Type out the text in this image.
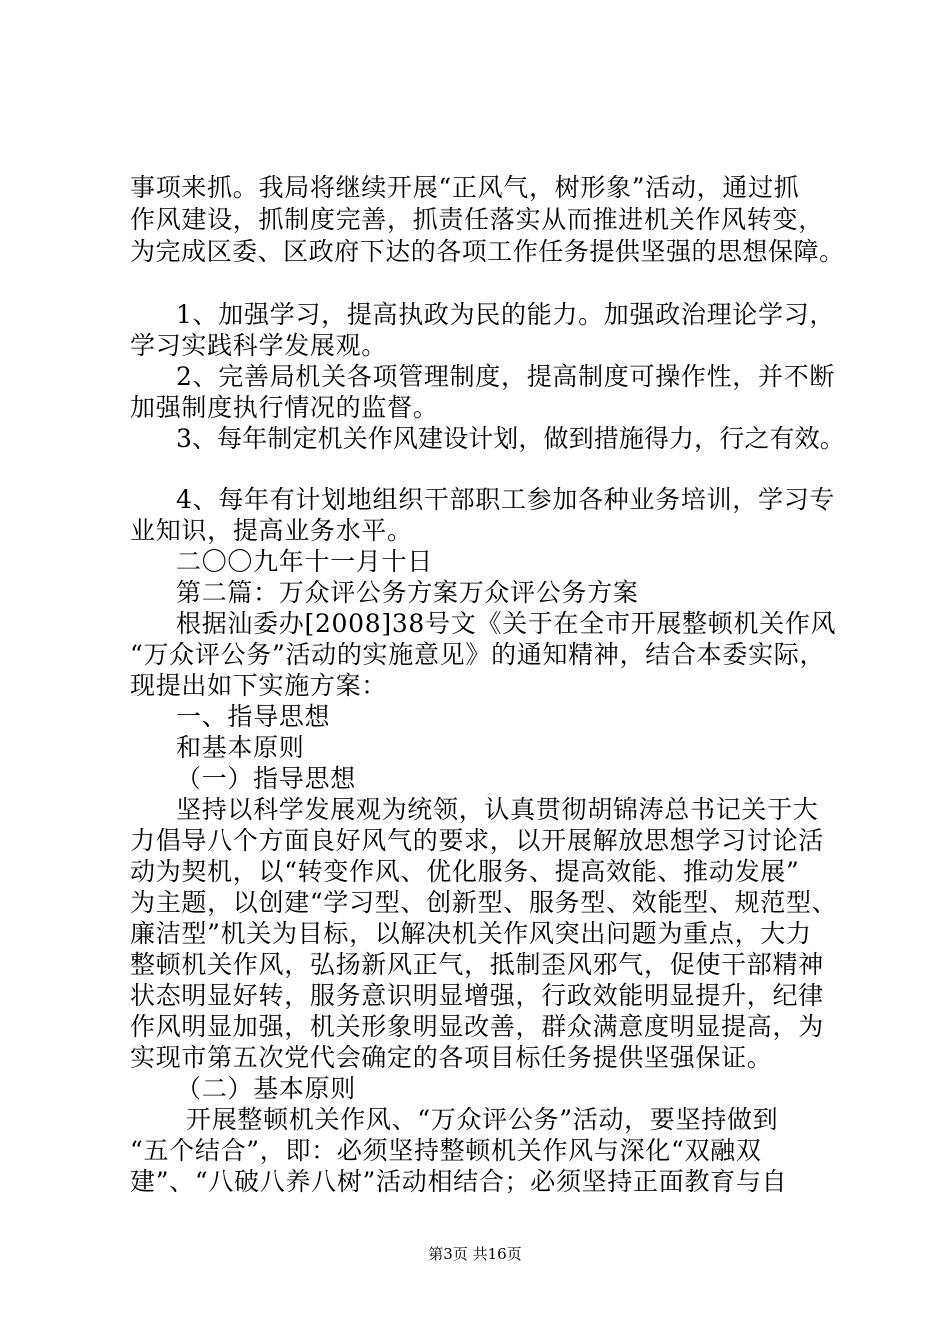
事项来抓。我局将继续开展“正风气，树形象”活动，通过抓
作风建设，抓制度完善，抓责任落实从而推进机关作风转变，
为完成区委、区政府下达的各项工作任务提供坚强的思想保障。
1、加强学习，提高执政为民的能力。加强政治理论学习，
学习实践科学发展观。
2、完善局机关各项管理制度，提高制度可操作性，并不断
加强制度执行情况的监督。
3、每年制定机关作风建设计划，做到措施得力，行之有效。
4、每年有计划地组织干部职工参加各种业务培训，学习专
业知识，提高业务水平。
二〇〇九年十一月十日
第二篇：万众评公务方案万众评公务方案
根据汕委办[2008]38号文《关于在全市开展整顿机关作风
“万众评公务”活动的实施意见》的通知精神，结合本委实际，
现提出如下实施方案：
一、指导思想
和基本原则
（一）指导思想
坚持以科学发展观为统领，认真贯彻胡锦涛总书记关于大
力倡导八个方面良好风气的要求，以开展解放思想学习讨论活
动为契机，以“转变作风、优化服务、提高效能、推动发展”
为主题，以创建“学习型、创新型、服务型、效能型、规范型、
廉洁型”机关为目标，以解决机关作风突出问题为重点，大力
整顿机关作风，弘扬新风正气，抵制歪风邪气，促使干部精神
状态明显好转，服务意识明显增强，行政效能明显提升，纪律
作风明显加强，机关形象明显改善，群众满意度明显提高，为
实现市第五次党代会确定的各项目标任务提供坚强保证。
（二）基本原则
开展整顿机关作风、“万众评公务”活动，要坚持做到
“五个结合”，即：必须坚持整顿机关作风与深化“双融双
建”、“八破八养八树”活动相结合；必须坚持正面教育与自
第3页 共16页
